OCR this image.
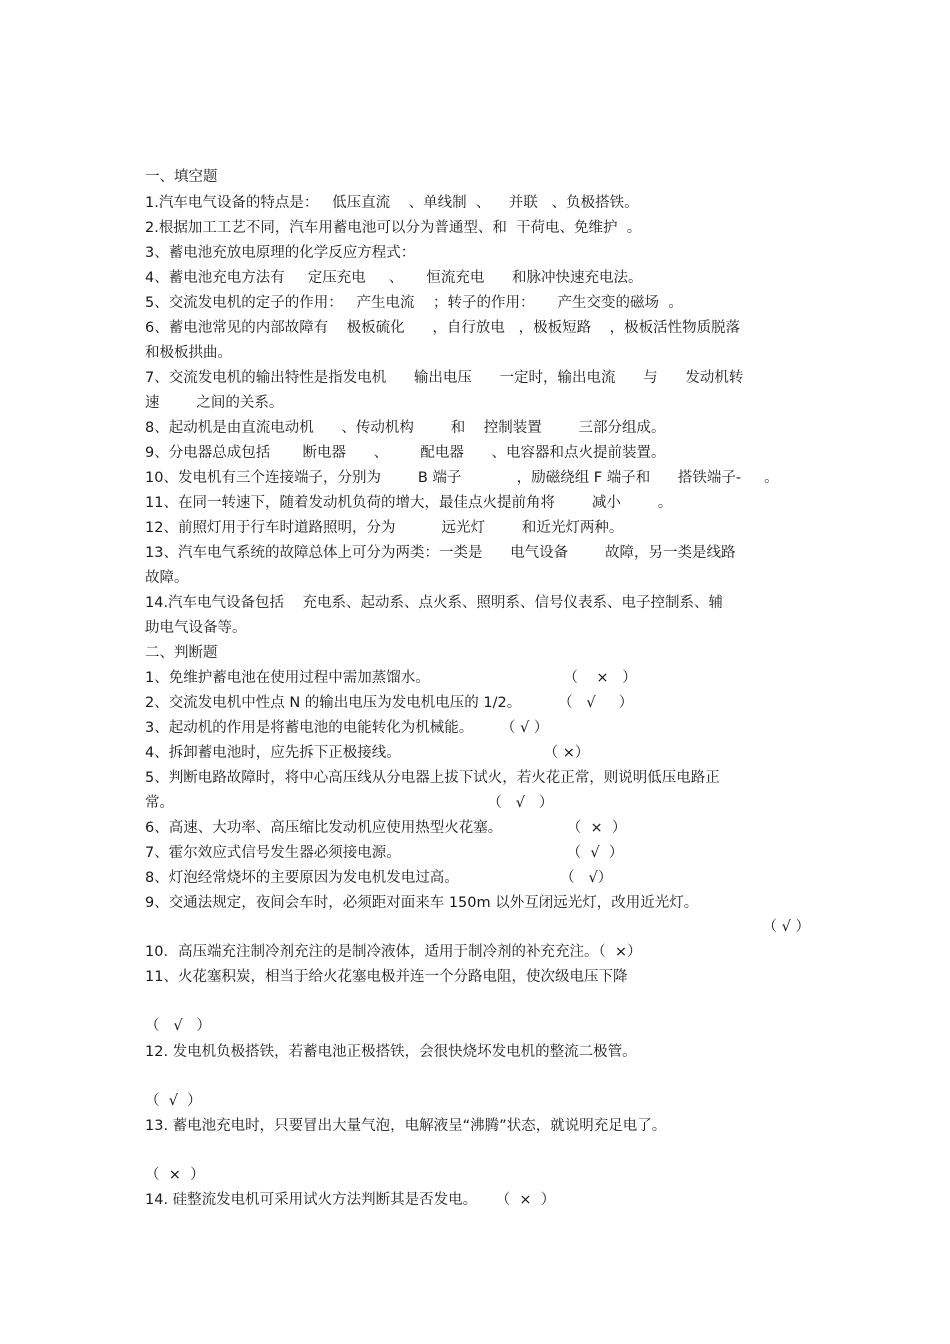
一、填空题
1.汽车电气设备的特点是：   低压直流    、单线制  、    并联   、负极搭铁。
2.根据加工工艺不同，汽车用蓄电池可以分为普通型、和  干荷电、免维护  。
3、蓄电池充放电原理的化学反应方程式：
4、蓄电池充电方法有     定压充电     、     恒流充电      和脉冲快速充电法。
5、交流发电机的定子的作用：   产生电流    ；转子的作用：     产生交变的磁场  。
6、蓄电池常见的内部故障有    极板硫化      ，自行放电   ，极板短路    ，极板活性物质脱落
和极板拱曲。
7、交流发电机的输出特性是指发电机      输出电压      一定时，输出电流      与      发动机转
速        之间的关系。
8、起动机是由直流电动机      、传动机构        和    控制装置        三部分组成。
9、分电器总成包括       断电器      、       配电器      、电容器和点火提前装置。
10、发电机有三个连接端子，分别为        B 端子            ，励磁绕组 F 端子和      搭铁端子-     。
11、在同一转速下，随着发动机负荷的增大，最佳点火提前角将        减小        。
12、前照灯用于行车时道路照明，分为          远光灯        和近光灯两种。
13、汽车电气系统的故障总体上可分为两类：一类是      电气设备        故障，另一类是线路
故障。
14.汽车电气设备包括    充电系、起动系、点火系、照明系、信号仪表系、电子控制系、辅
助电气设备等。
二、判断题
1、免维护蓄电池在使用过程中需加蒸馏水。                             （    ×   ）
2、交流发电机中性点 N 的输出电压为发电机电压的 1/2。        （   √     ）
3、起动机的作用是将蓄电池的电能转化为机械能。      （ √ ）
4、拆卸蓄电池时，应先拆下正极接线。                               （ ×）
5、判断电路故障时，将中心高压线从分电器上拔下试火，若火花正常，则说明低压电路正
常。                                                                    （   √   ）
6、高速、大功率、高压缩比发动机应使用热型火花塞。              （  ×  ）
7、霍尔效应式信号发生器必须接电源。                                    （  √  ）
8、灯泡经常烧坏的主要原因为发电机发电过高。                      （   √）
9、交通法规定，夜间会车时，必须距对面来车 150m 以外互闭远光灯，改用近光灯。
（ √ ）
10．高压端充注制冷剂充注的是制冷液体，适用于制冷剂的补充充注。（  ×）
11、火花塞积炭，相当于给火花塞电极并连一个分路电阻，使次级电压下降
（   √   ）
12. 发电机负极搭铁，若蓄电池正极搭铁，会很快烧坏发电机的整流二极管。
（  √  ）
13. 蓄电池充电时，只要冒出大量气泡，电解液呈“沸腾”状态，就说明充足电了。
（  ×  ）
14. 硅整流发电机可采用试火方法判断其是否发电。    （  ×  ）
